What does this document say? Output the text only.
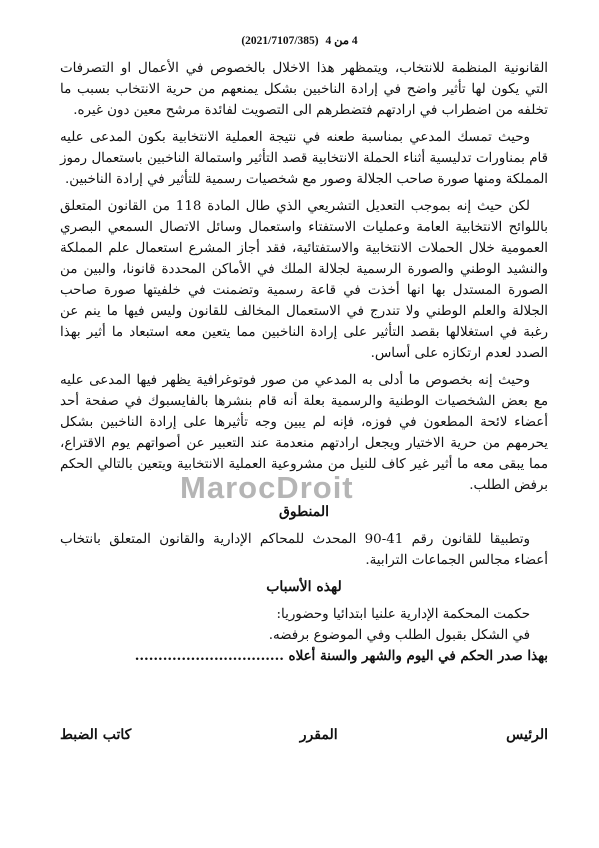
(2021/7107/385) 4 من 4

القانونية المنظمة للانتخاب، ويتمظهر هذا الاخلال بالخصوص في الأعمال او التصرفات التي يكون لها تأثير واضح في إرادة الناخبين بشكل يمنعهم من حرية الانتخاب بسبب ما تخلفه من اضطراب في ارادتهم فتضطرهم الى التصويت لفائدة مرشح معين دون غيره.

وحيث تمسك المدعي بمناسبة طعنه في نتيجة العملية الانتخابية بكون المدعى عليه قام بمناورات تدليسية أثناء الحملة الانتخابية قصد التأثير واستمالة الناخبين باستعمال رموز المملكة ومنها صورة صاحب الجلالة وصور مع شخصيات رسمية للتأثير في إرادة الناخبين.

لكن حيث إنه بموجب التعديل التشريعي الذي طال المادة 118 من القانون المتعلق باللوائح الانتخابية العامة وعمليات الاستفتاء واستعمال وسائل الاتصال السمعي البصري العمومية خلال الحملات الانتخابية والاستفتائية، فقد أجاز المشرع استعمال علم المملكة والنشيد الوطني والصورة الرسمية لجلالة الملك في الأماكن المحددة قانونا، والبين من الصورة المستدل بها انها أخذت في قاعة رسمية وتضمنت في خلفيتها صورة صاحب الجلالة والعلم الوطني ولا تندرج في الاستعمال المخالف للقانون وليس فيها ما ينم عن رغبة في استغلالها بقصد التأثير على إرادة الناخبين مما يتعين معه استبعاد ما أثير بهذا الصدد لعدم ارتكازه على أساس.

وحيث إنه بخصوص ما أدلى به المدعي من صور فوتوغرافية يظهر فيها المدعى عليه مع بعض الشخصيات الوطنية والرسمية بعلة أنه قام بنشرها بالفايسبوك في صفحة أحد أعضاء لائحة المطعون في فوزه، فإنه لم يبين وجه تأثيرها على إرادة الناخبين بشكل يحرمهم من حرية الاختيار ويجعل ارادتهم منعدمة عند التعبير عن أصواتهم يوم الاقتراع، مما يبقى معه ما أثير غير كاف للنيل من مشروعية العملية الانتخابية ويتعين بالتالي الحكم برفض الطلب.

المنطوق

وتطبيقا للقانون رقم 41-90 المحدث للمحاكم الإدارية والقانون المتعلق بانتخاب أعضاء مجالس الجماعات الترابية.

لهذه الأسباب

حكمت المحكمة الإدارية علنيا ابتدائيا وحضوريا:
في الشكل بقبول الطلب وفي الموضوع برفضه.

بهذا صدر الحكم في اليوم والشهر والسنة أعلاه ................................

الرئيس
المقرر
كاتب الضبط
MarocDroit
